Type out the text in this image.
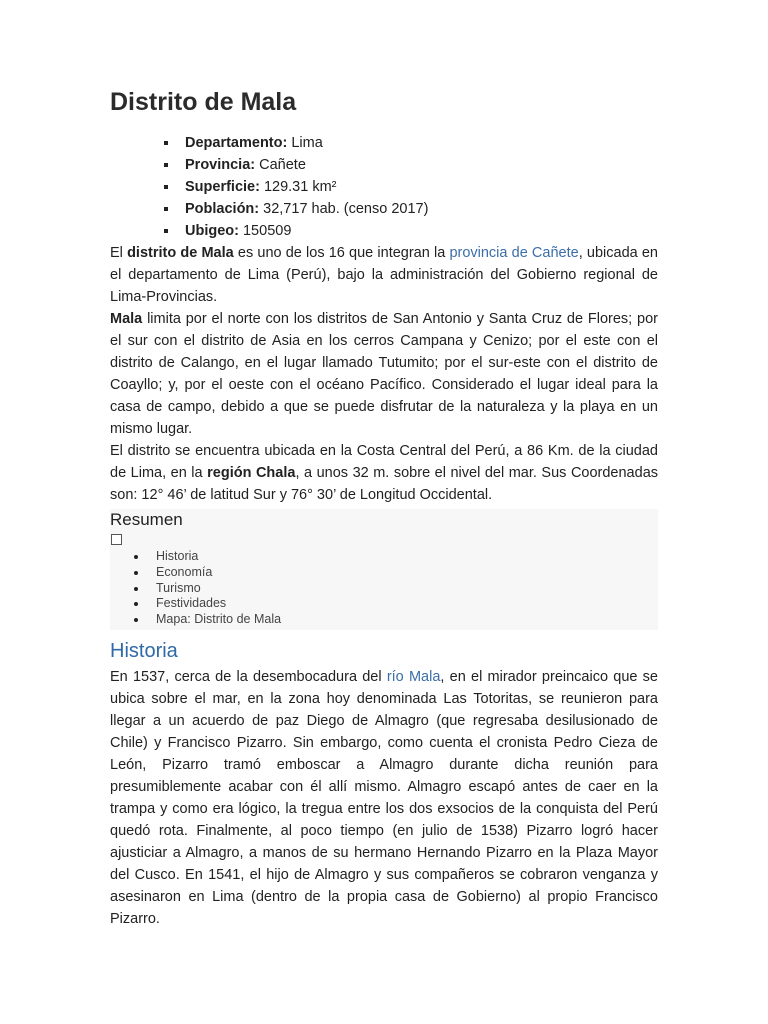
Distrito de Mala
Departamento: Lima
Provincia: Cañete
Superficie: 129.31 km²
Población: 32,717 hab. (censo 2017)
Ubigeo: 150509

El distrito de Mala es uno de los 16 que integran la provincia de Cañete, ubicada en el departamento de Lima (Perú), bajo la administración del Gobierno regional de Lima-Provincias.

Mala limita por el norte con los distritos de San Antonio y Santa Cruz de Flores; por el sur con el distrito de Asia en los cerros Campana y Cenizo; por el este con el distrito de Calango, en el lugar llamado Tutumito; por el sur-este con el distrito de Coayllo; y, por el oeste con el océano Pacífico. Considerado el lugar ideal para la casa de campo, debido a que se puede disfrutar de la naturaleza y la playa en un mismo lugar.

El distrito se encuentra ubicada en la Costa Central del Perú, a 86 Km. de la ciudad de Lima, en la región Chala, a unos 32 m. sobre el nivel del mar. Sus Coordenadas son: 12° 46’ de latitud Sur y 76° 30’ de Longitud Occidental.

Resumen
Historia
Economía
Turismo
Festividades
Mapa: Distrito de Mala
Historia

En 1537, cerca de la desembocadura del río Mala, en el mirador preincaico que se ubica sobre el mar, en la zona hoy denominada Las Totoritas, se reunieron para llegar a un acuerdo de paz Diego de Almagro (que regresaba desilusionado de Chile) y Francisco Pizarro. Sin embargo, como cuenta el cronista Pedro Cieza de León, Pizarro tramó emboscar a Almagro durante dicha reunión para presumiblemente acabar con él allí mismo. Almagro escapó antes de caer en la trampa y como era lógico, la tregua entre los dos exsocios de la conquista del Perú quedó rota. Finalmente, al poco tiempo (en julio de 1538) Pizarro logró hacer ajusticiar a Almagro, a manos de su hermano Hernando Pizarro en la Plaza Mayor del Cusco. En 1541, el hijo de Almagro y sus compañeros se cobraron venganza y asesinaron en Lima (dentro de la propia casa de Gobierno) al propio Francisco Pizarro.
